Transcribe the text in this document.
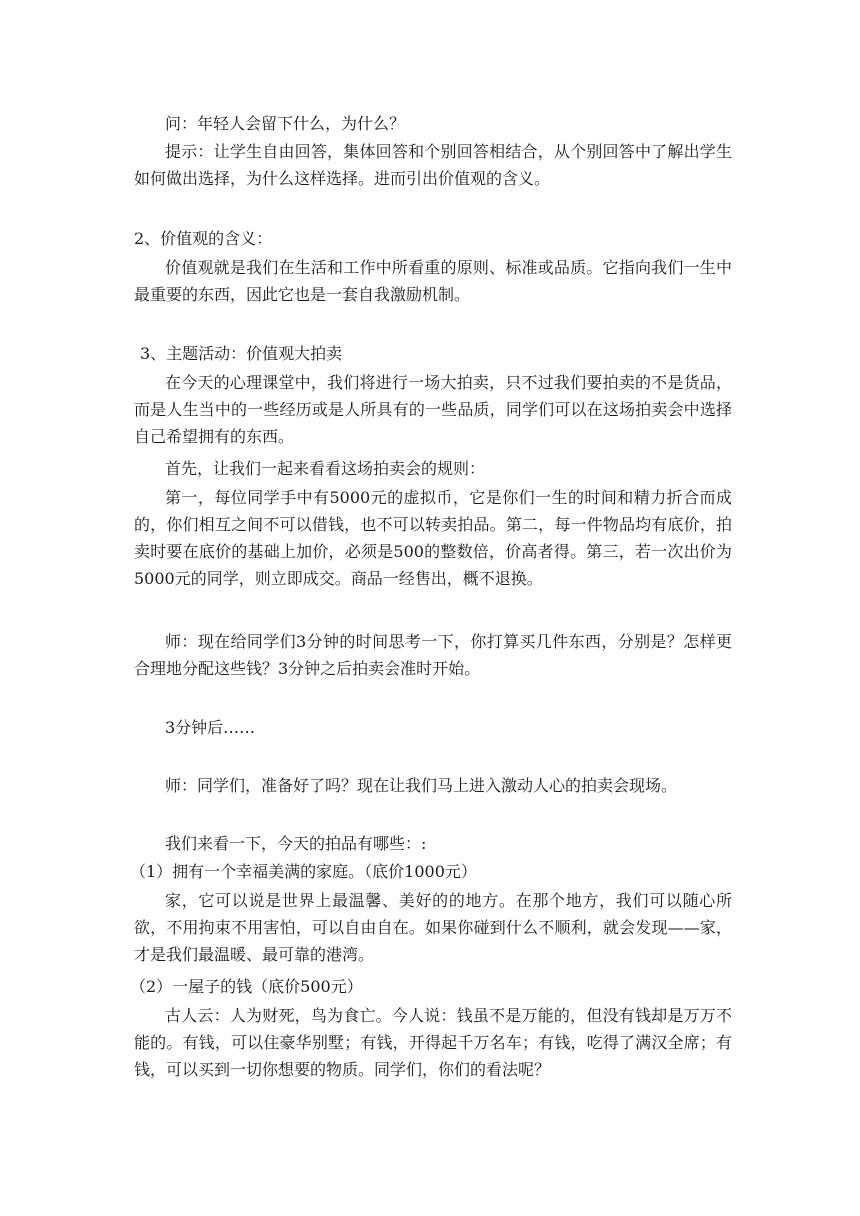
问：年轻人会留下什么，为什么？

提示：让学生自由回答，集体回答和个别回答相结合，从个别回答中了解出学生如何做出选择，为什么这样选择。进而引出价值观的含义。

2、价值观的含义：

价值观就是我们在生活和工作中所看重的原则、标准或品质。它指向我们一生中最重要的东西，因此它也是一套自我激励机制。

3、主题活动：价值观大拍卖

在今天的心理课堂中，我们将进行一场大拍卖，只不过我们要拍卖的不是货品，而是人生当中的一些经历或是人所具有的一些品质，同学们可以在这场拍卖会中选择自己希望拥有的东西。

首先，让我们一起来看看这场拍卖会的规则：

第一，每位同学手中有5000元的虚拟币，它是你们一生的时间和精力折合而成的，你们相互之间不可以借钱，也不可以转卖拍品。第二，每一件物品均有底价，拍卖时要在底价的基础上加价，必须是500的整数倍，价高者得。第三，若一次出价为5000元的同学，则立即成交。商品一经售出，概不退换。

师：现在给同学们3分钟的时间思考一下，你打算买几件东西，分别是？怎样更合理地分配这些钱？3分钟之后拍卖会准时开始。

3分钟后……

师：同学们，准备好了吗？现在让我们马上进入激动人心的拍卖会现场。

我们来看一下，今天的拍品有哪些：:

（1）拥有一个幸福美满的家庭。（底价1000元）

家，它可以说是世界上最温馨、美好的的地方。在那个地方，我们可以随心所欲，不用拘束不用害怕，可以自由自在。如果你碰到什么不顺利，就会发现——家，才是我们最温暖、最可靠的港湾。

（2）一屋子的钱（底价500元）

古人云：人为财死，鸟为食亡。今人说：钱虽不是万能的，但没有钱却是万万不能的。有钱，可以住豪华别墅；有钱，开得起千万名车；有钱，吃得了满汉全席；有钱，可以买到一切你想要的物质。同学们，你们的看法呢？
